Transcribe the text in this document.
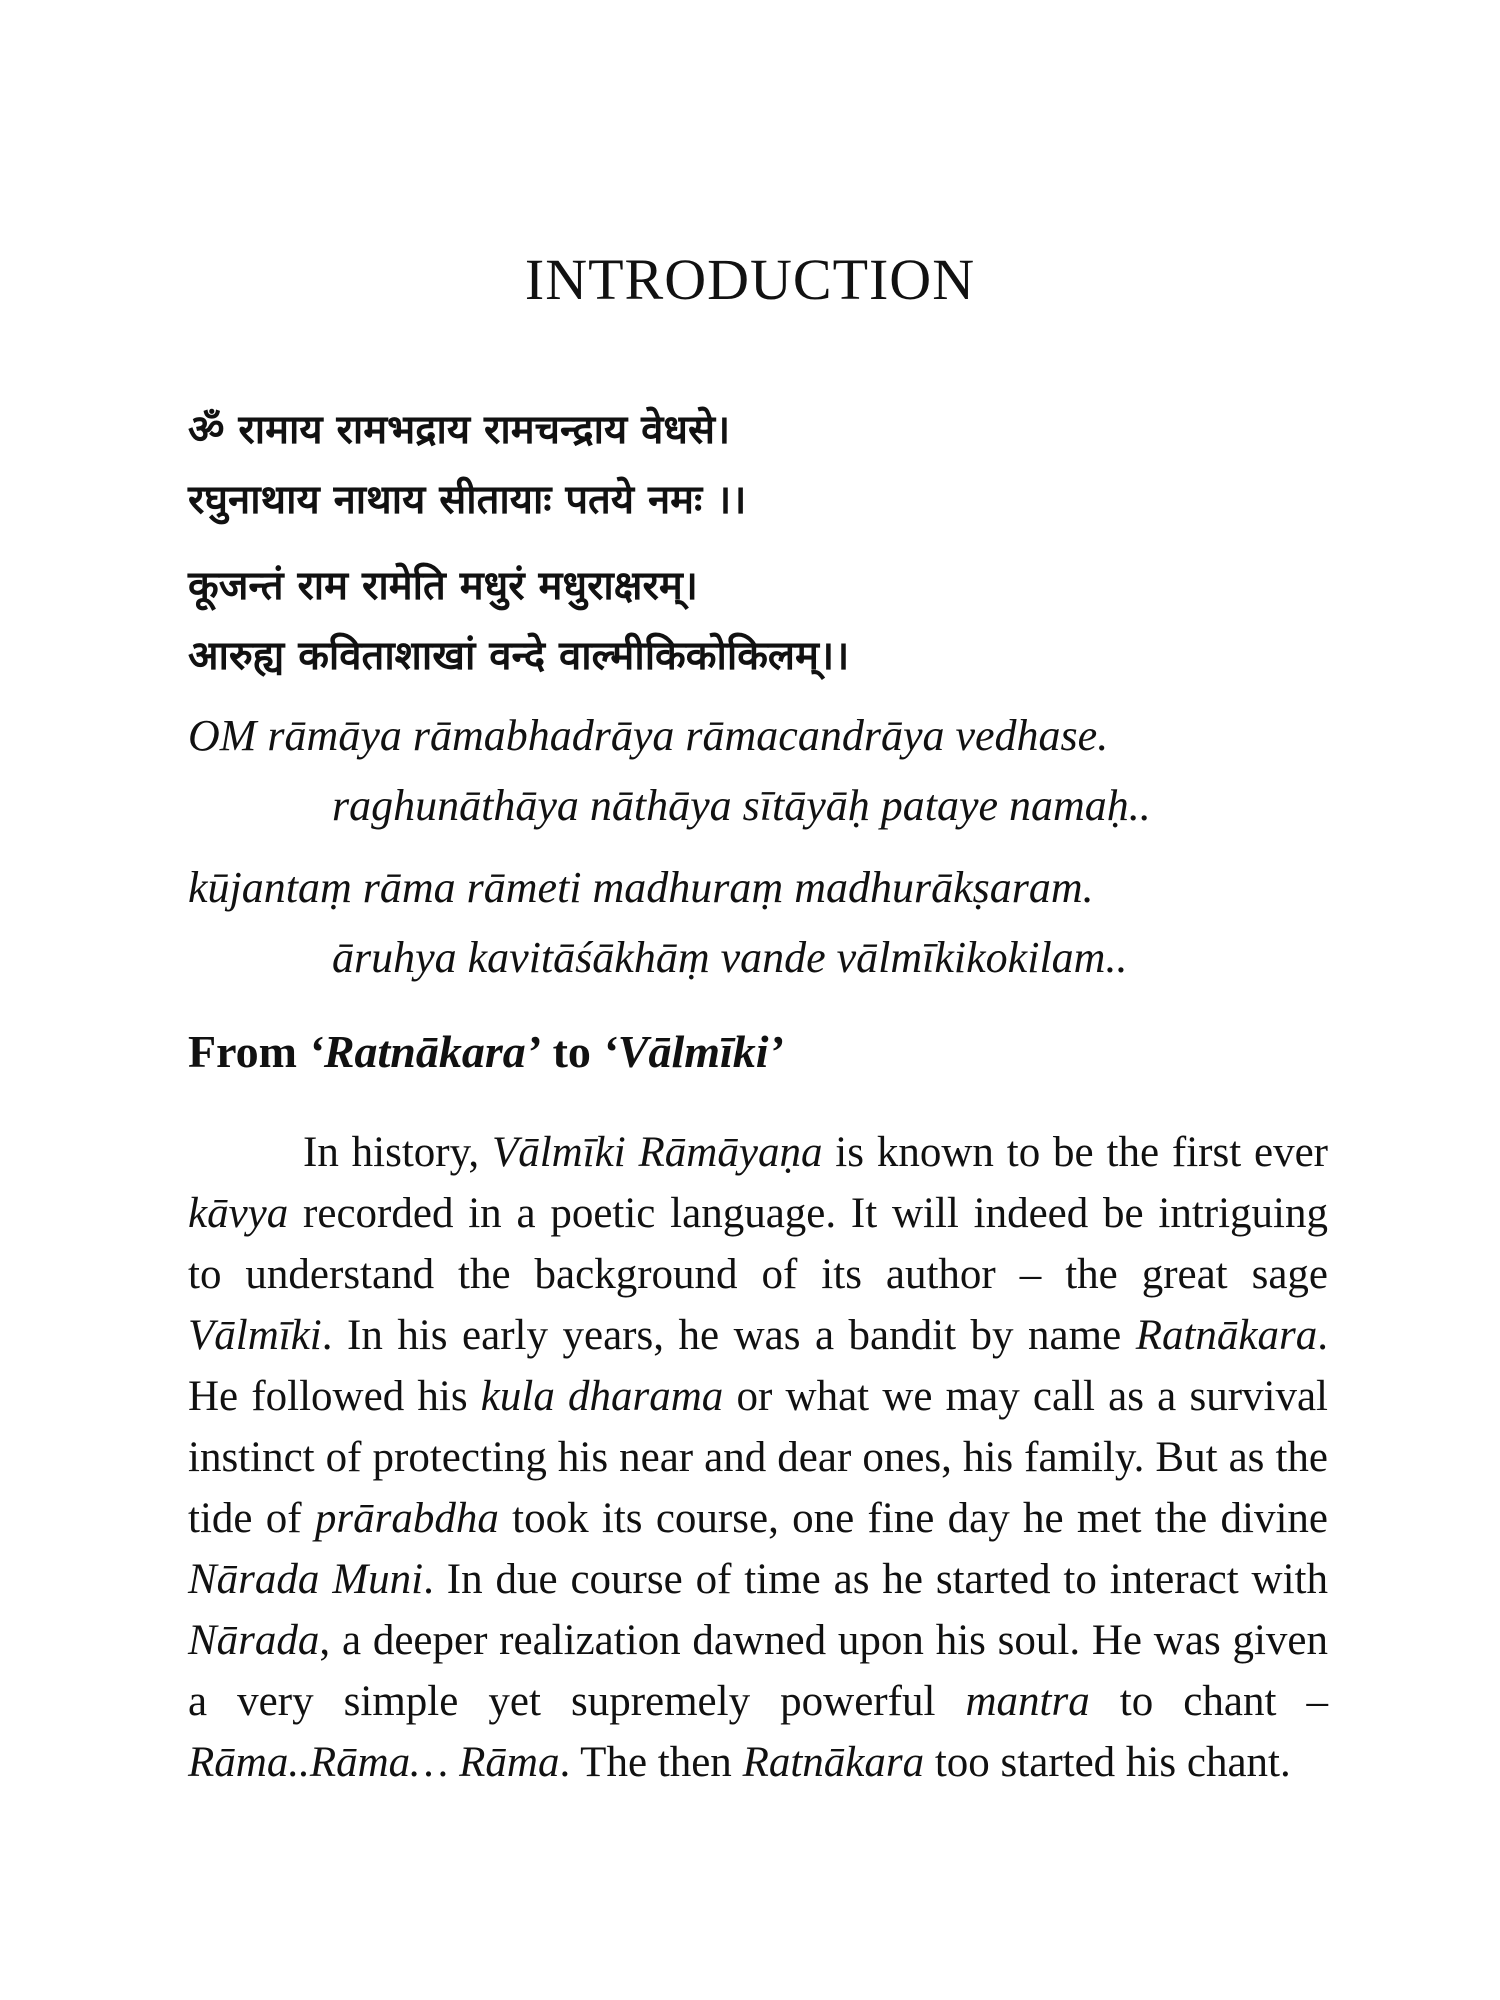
INTRODUCTION

ॐ रामाय रामभद्राय रामचन्द्राय वेधसे।

रघुनाथाय नाथाय सीतायाः पतये नमः ।।

कूजन्तं राम रामेति मधुरं मधुराक्षरम्।

आरुह्य कविताशाखां वन्दे वाल्मीकिकोकिलम्।।

OM rāmāya rāmabhadrāya rāmacandrāya vedhase.

raghunāthāya nāthāya sītāyāḥ pataye namaḥ..

kūjantaṃ rāma rāmeti madhuraṃ madhurākṣaram.

āruhya kavitāśākhāṃ vande vālmīkikokilam..

From ‘Ratnākara’ to ‘Vālmīki’

In history, Vālmīki Rāmāyaṇa is known to be the first ever kāvya recorded in a poetic language. It will indeed be intriguing to understand the background of its author – the great sage Vālmīki. In his early years, he was a bandit by name Ratnākara. He followed his kula dharama or what we may call as a survival instinct of protecting his near and dear ones, his family. But as the tide of prārabdha took its course, one fine day he met the divine Nārada Muni. In due course of time as he started to interact with Nārada, a deeper realization dawned upon his soul. He was given a very simple yet supremely powerful mantra to chant – Rāma..Rāma… Rāma. The then Ratnākara too started his chant.
